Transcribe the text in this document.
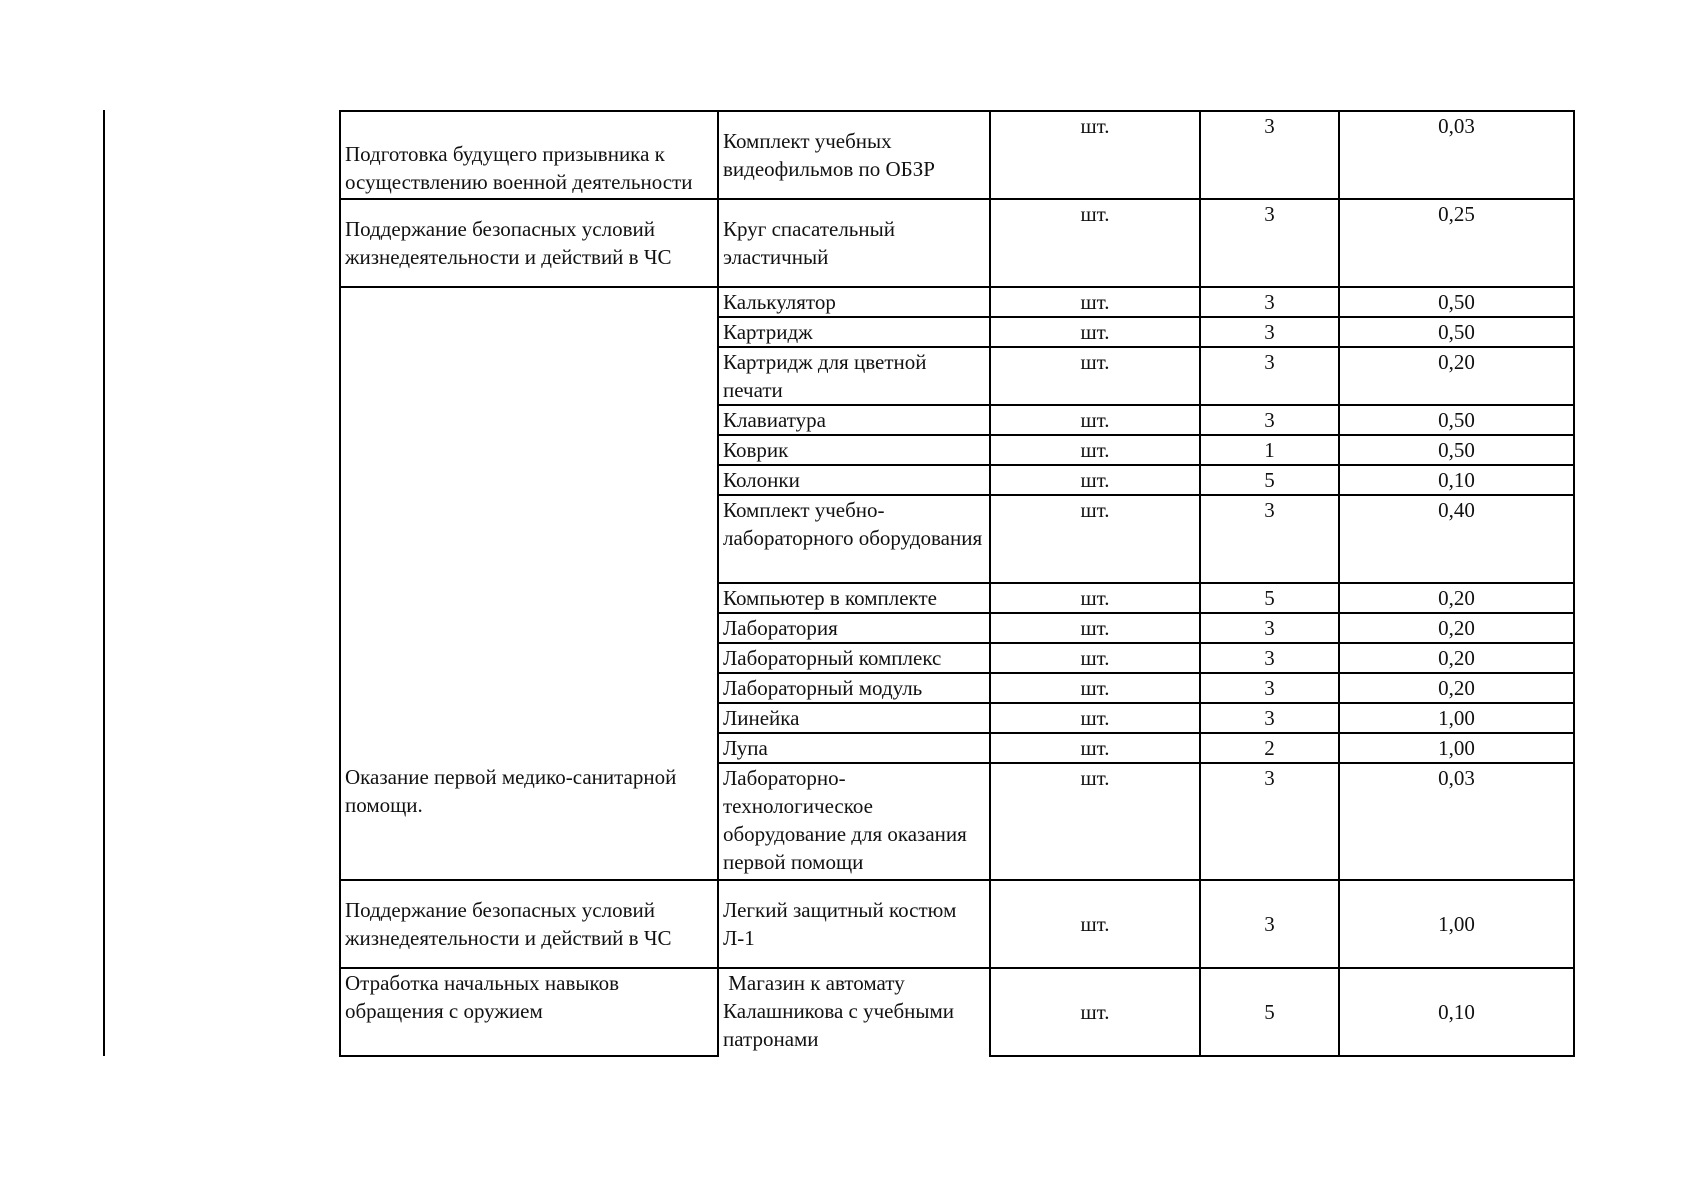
Подготовка будущего призывника к осуществлению военной деятельности	Комплект учебных видеофильмов по ОБЗР	шт.	3	0,03
Поддержание безопасных условий жизнедеятельности и действий в ЧС	Круг спасательный эластичный	шт.	3	0,25

Оказание первой медико-санитарной помощи.	Калькулятор	шт.	3	0,50
	Картридж	шт.	3	0,50
	Картридж для цветной печати	шт.	3	0,20
	Клавиатура	шт.	3	0,50
	Коврик	шт.	1	0,50
	Колонки	шт.	5	0,10
	Комплект учебно-лабораторного оборудования	шт.	3	0,40
	Компьютер в комплекте	шт.	5	0,20
	Лаборатория	шт.	3	0,20
	Лабораторный комплекс	шт.	3	0,20
	Лабораторный модуль	шт.	3	0,20
	Линейка	шт.	3	1,00
	Лупа	шт.	2	1,00
	Лабораторно-технологическое оборудование для оказания первой помощи	шт.	3	0,03
Поддержание безопасных условий жизнедеятельности и действий в ЧС	Легкий защитный костюм Л-1	шт.	3	1,00
Отработка начальных навыков обращения с оружием	Магазин к автомату Калашникова с учебными патронами	шт.	5	0,10
